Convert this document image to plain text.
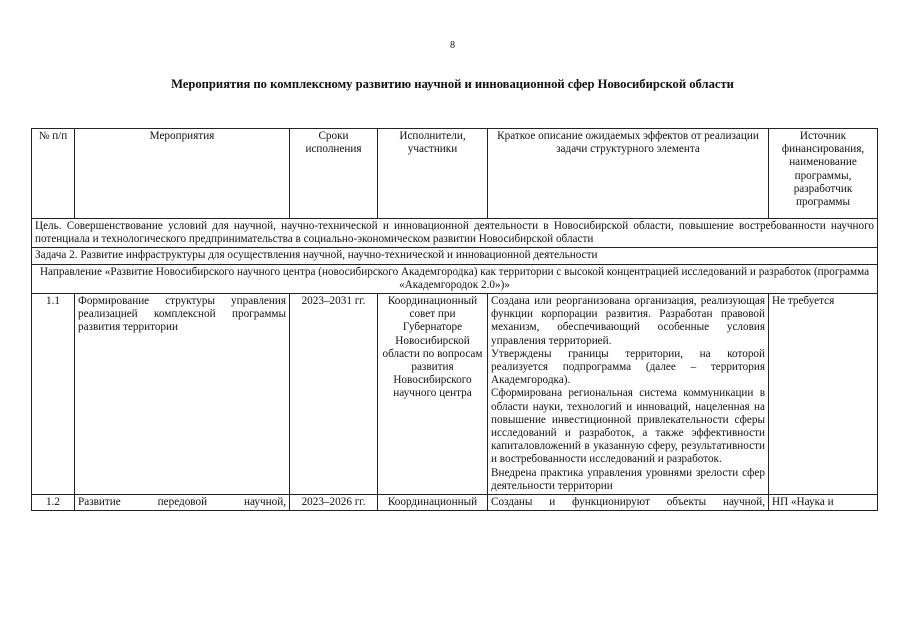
8
Мероприятия по комплексному развитию научной и инновационной сфер Новосибирской области
№ п/п	Мероприятия	Сроки исполнения	Исполнители, участники	Краткое описание ожидаемых эффектов от реализации задачи структурного элемента	Источник финансирования, наименование программы, разработчик программы
Цель. Совершенствование условий для научной, научно-технической и инновационной деятельности в Новосибирской области, повышение востребованности научного потенциала и технологического предпринимательства в социально-экономическом развитии Новосибирской области					
Задача 2. Развитие инфраструктуры для осуществления научной, научно-технической и инновационной деятельности					
Направление «Развитие Новосибирского научного центра (новосибирского Академгородка) как территории с высокой концентрацией исследований и разработок (программа «Академгородок 2.0»)»					
1.1	Формирование структуры управления реализацией комплексной программы развития территории	2023–2031 гг.	Координационный совет при Губернаторе Новосибирской области по вопросам развития Новосибирского научного центра	Создана или реорганизована организация, реализующая функции корпорации развития. Разработан правовой механизм, обеспечивающий особенные условия управления территорией.

Утверждены границы территории, на которой реализуется подпрограмма (далее – территория Академгородка).

Сформирована региональная система коммуникации в области науки, технологий и инноваций, нацеленная на повышение инвестиционной привлекательности сферы исследований и разработок, а также эффективности капиталовложений в указанную сферу, результативности и востребованности исследований и разработок.

Внедрена практика управления уровнями зрелости сфер деятельности территории	Не требуется
1.2	Развитие передовой научной,	2023–2026 гг.	Координационный	Созданы и функционируют объекты научной,	НП «Наука и
